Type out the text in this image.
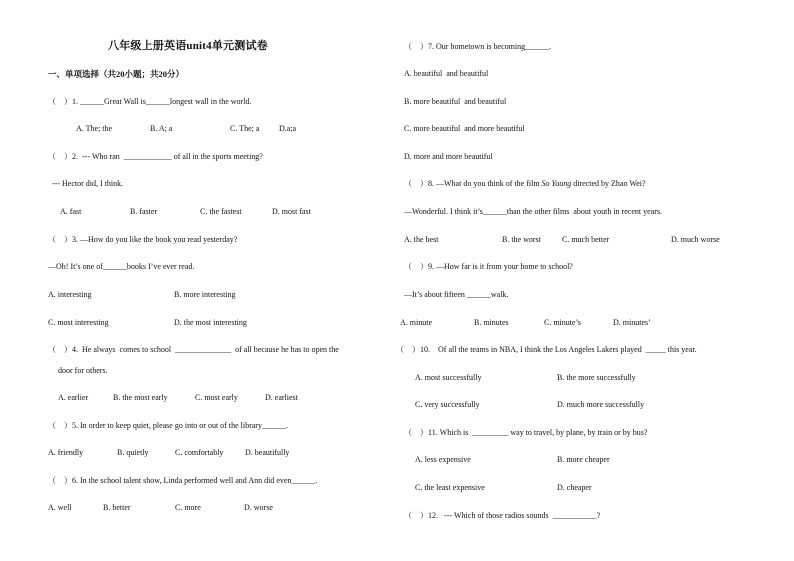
八年级上册英语unit4单元测试卷
一、单项选择（共20小题；共20分）
（    ）1. ______Great Wall is______longest wall in the world.
A. The; the	B. A; a	C. The; a D.a;a
（    ）2.  --- Who ran  ____________ of all in the sports meeting?
--- Hector did, I think.
A. fast	B. faster	C. the fastest	D. most fast
（    ）3. —How do you like the book you read yesterday?
—Oh! It’s one of______books I’ve ever read.
A. interesting	B. more interesting
C. most interesting	D. the most interesting
（    ）4.  He always  comes to school  ______________  of all because he has to open the
door for others.
A. earlier	B. the most early	C. most early	D. earliest
（    ）5. In order to keep quiet, please go into or out of the library______.
A. friendly	B. quietly	C. comfortably	D. beautifully
（    ）6. In the school talent show, Linda performed well and Ann did even______.
A. well	B. better	C. more	D. worse
（    ）7. Our hometown is becoming______.
A. beautiful  and beautiful
B. more beautiful  and beautiful
C. more beautiful  and more beautiful
D. more and more beautiful
（    ）8. —What do you think of the film So Young directed by Zhao Wei?
—Wonderful. I think it’s______than the other films  about youth in recent years.
A. the best	B. the worst	C. much better	D. much worse
（    ）9. —How far is it from your home to school?
—It’s about fifteen ______walk.
A. minute	B. minutes	C. minute’s	D. minutes’
（    ）10.    Of all the teams in NBA, I think the Los Angeles Lakers played  _____ this year.
A. most successfully	B. the more successfully
C. very successfully	D. much more successfully
（    ）11. Which is  _________ way to travel, by plane, by train or by bus?
A. less expensive	B. more cheaper
C. the least expensive	D. cheaper
（    ）12.   --- Which of those radios sounds  ___________?
